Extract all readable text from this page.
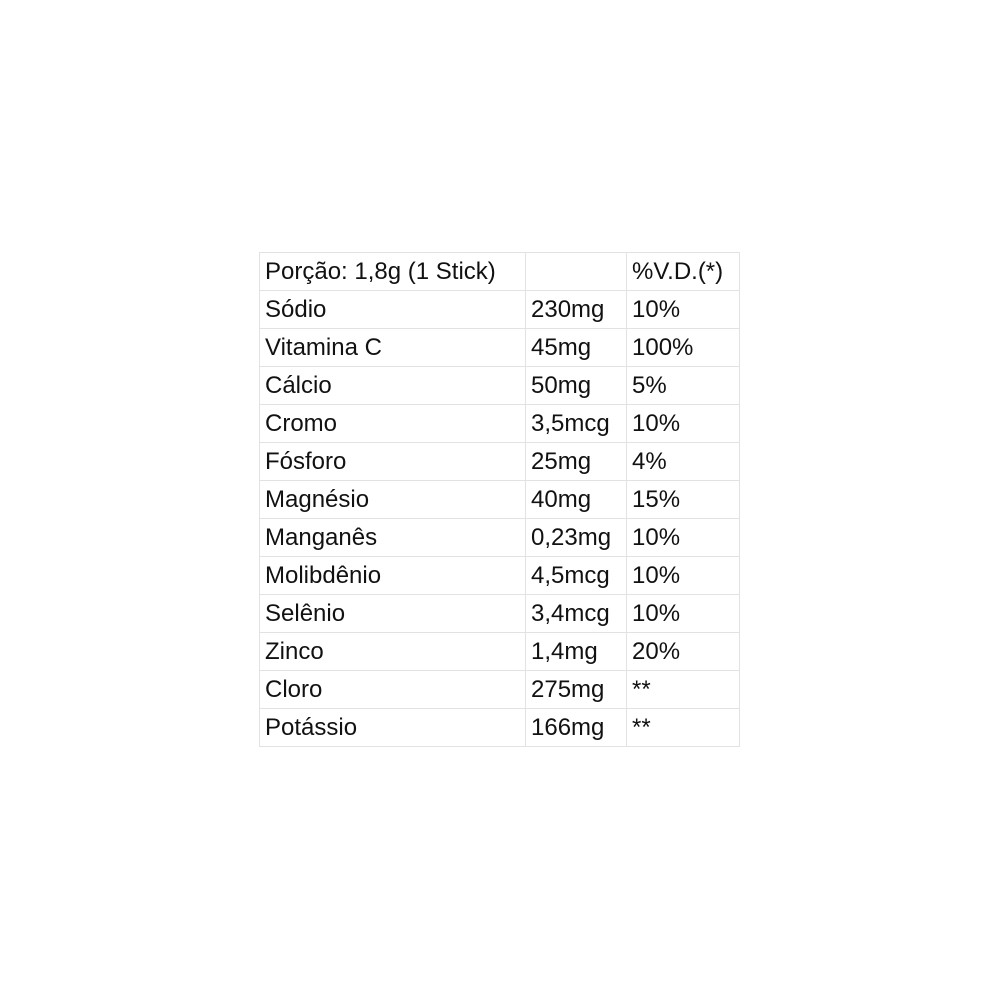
Porção: 1,8g (1 Stick)		%V.D.(*)
Sódio	230mg	10%
Vitamina C	45mg	100%
Cálcio	50mg	5%
Cromo	3,5mcg	10%
Fósforo	25mg	4%
Magnésio	40mg	15%
Manganês	0,23mg	10%
Molibdênio	4,5mcg	10%
Selênio	3,4mcg	10%
Zinco	1,4mg	20%
Cloro	275mg	**
Potássio	166mg	**
